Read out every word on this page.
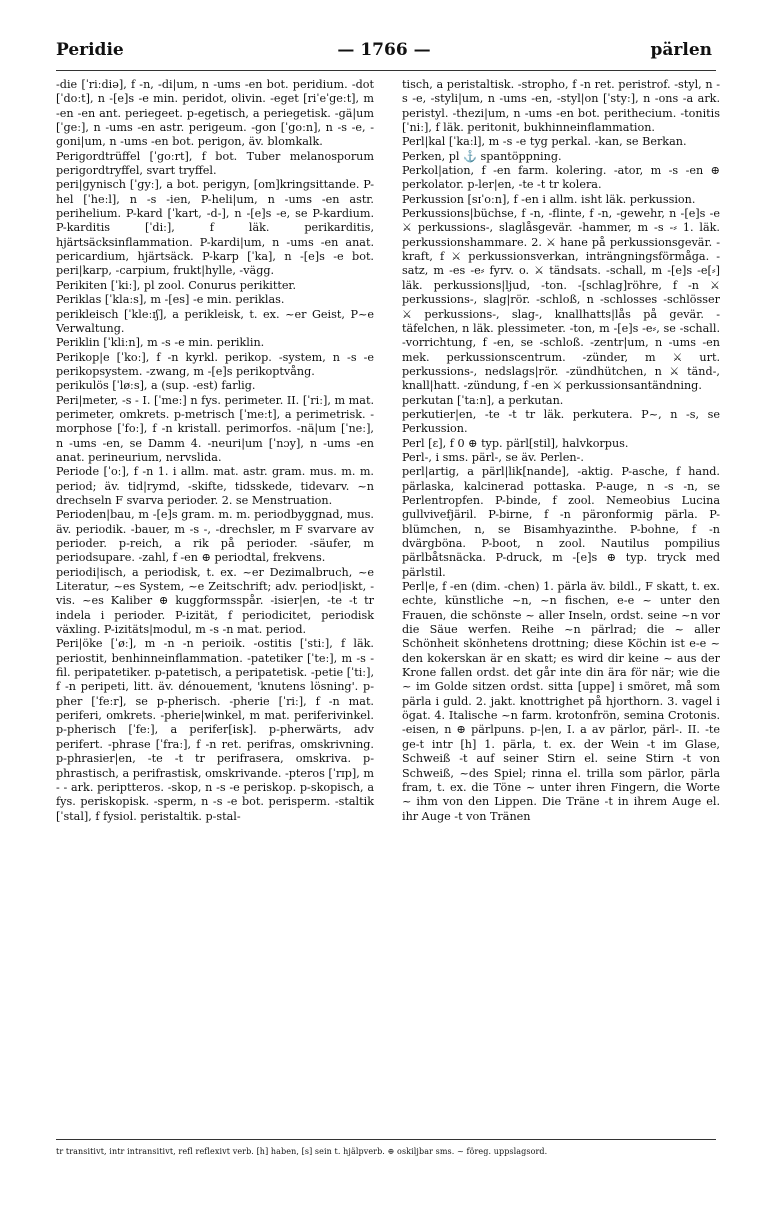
Peridie	— 1766 —	pärlen

-die [ˈriːdiə], f -n, -di|um, n -ums -en bot. peridium. -dot [ˈdoːt], n -[e]s -e min. peridot, olivin. -eget [riˈeˈgeːt], m -en -en ant. periegeet. p-egetisch, a periegetisk. -gä|um [ˈgeː], n -ums -en astr. perigeum. -gon [ˈgoːn], n -s -e, -goni|um, n -ums -en bot. perigon, äv. blomkalk.

Perigordtrüffel [ˈgoːrt], f bot. Tuber melanosporum perigordtryffel, svart tryffel.

peri|gynisch [ˈgyː], a bot. perigyn, [om]kringsittande. P-hel [ˈheːl], n -s -ien, P-heli|um, n -ums -en astr. perihelium. P-kard [ˈkart, -d-], n -[e]s -e, se P-kardium. P-karditis [ˈdiː], f läk. perikarditis, hjärtsäcksinflammation. P-kardi|um, n -ums -en anat. pericardium, hjärtsäck. P-karp [ˈka], n -[e]s -e bot. peri|karp, -carpium, frukt|hylle, -vägg.

Perikiten [ˈkiː], pl zool. Conurus perikitter.

Periklas [ˈklaːs], m -[es] -e min. periklas.

perikleisch [ˈkleːɪʃ], a perikleisk, t. ex. ~er Geist, P~e Verwaltung.

Periklin [ˈkliːn], m -s -e min. periklin.

Perikop|e [ˈkoː], f -n kyrkl. perikop. -system, n -s -e perikopsystem. -zwang, m -[e]s perikoptvång.

perikulös [ˈløːs], a (sup. -est) farlig.

Peri|meter, -s - I. [ˈmeː] n fys. perimeter. II. [ˈriː], m mat. perimeter, omkrets. p-metrisch [ˈmeːt], a perimetrisk. -morphose [ˈfoː], f -n kristall. perimorfos. -nä|um [ˈneː], n -ums -en, se Damm 4. -neuri|um [ˈnɔy], n -ums -en anat. perineurium, nervslida.

Periode [ˈoː], f -n 1. i allm. mat. astr. gram. mus. m. m. period; äv. tid|rymd, -skifte, tidsskede, tidevarv. ~n drechseln F svarva perioder. 2. se Menstruation.

Perioden|bau, m -[e]s gram. m. m. periodbyggnad, mus. äv. periodik. -bauer, m -s -, -drechsler, m F svarvare av perioder. p-reich, a rik på perioder. -säufer, m periodsupare. -zahl, f -en ⊕ periodtal, frekvens.

periodi|isch, a periodisk, t. ex. ~er Dezimalbruch, ~e Literatur, ~es System, ~e Zeitschrift; adv. period|iskt, -vis. ~es Kaliber ⊕ kuggformsspår. -isier|en, -te -t tr indela i perioder. P-izität, f periodicitet, periodisk växling. P-izitäts|modul, m -s -n mat. period.

Peri|öke [ˈøː], m -n -n perioik. -ostitis [ˈstiː], f läk. periostit, benhinneinflammation. -patetiker [ˈteː], m -s - fil. peripatetiker. p-patetisch, a peripatetisk. -petie [ˈtiː], f -n peripeti, litt. äv. dénouement, 'knutens lösning'. p-pher [ˈfeːr], se p-pherisch. -pherie [ˈriː], f -n mat. periferi, omkrets. -pherie|winkel, m mat. periferivinkel. p-pherisch [ˈfeː], a perifer[isk]. p-pherwärts, adv perifert. -phrase [ˈfraː], f -n ret. perifras, omskrivning. p-phrasier|en, -te -t tr perifrasera, omskriva. p-phrastisch, a perifrastisk, omskrivande. -pteros [ˈrɪp], m - - ark. periptteros. -skop, n -s -e periskop. p-skopisch, a fys. periskopisk. -sperm, n -s -e bot. perisperm. -staltik [ˈstal], f fysiol. peristaltik. p-stal-

tisch, a peristaltisk. -stropho, f -n ret. peristrof. -styl, n -s -e, -styli|um, n -ums -en, -styl|on [ˈstyː], n -ons -a ark. peristyl. -thezi|um, n -ums -en bot. perithecium. -tonitis [ˈniː], f läk. peritonit, bukhinneinflammation.

Perl|kal [ˈkaːl], m -s -e tyg perkal. -kan, se Berkan.

Perken, pl ⚓ spantöppning.

Perkol|ation, f -en farm. kolering. -ator, m -s -en ⊕ perkolator. p-ler|en, -te -t tr kolera.

Perkussion [sɪˈoːn], f -en i allm. isht läk. perkussion.

Perkussions|büchse, f -n, -flinte, f -n, -gewehr, n -[e]s -e ⚔ perkussions-, slaglåsgevär. -hammer, m -s -⸗ 1. läk. perkussionshammare. 2. ⚔ hane på perkussionsgevär. -kraft, f ⚔ perkussionsverkan, inträngningsförmåga. -satz, m -es -e⸗ fyrv. o. ⚔ tändsats. -schall, m -[e]s -e[⸗] läk. perkussions|ljud, -ton. -[schlag]röhre, f -n ⚔ perkussions-, slag|rör. -schloß, n -schlosses -schlösser ⚔ perkussions-, slag-, knallhatts|lås på gevär. -täfelchen, n läk. plessimeter. -ton, m -[e]s -e⸗, se -schall. -vorrichtung, f -en, se -schloß. -zentr|um, n -ums -en mek. perkussionscentrum. -zünder, m ⚔ urt. perkussions-, nedslags|rör. -zündhütchen, n ⚔ tänd-, knall|hatt. -zündung, f -en ⚔ perkussionsantändning.

perkutan [ˈtaːn], a perkutan.

perkutier|en, -te -t tr läk. perkutera. P~, n -s, se Perkussion.

Perl [ɛ], f 0 ⊕ typ. pärl[stil], halvkorpus.

Perl-, i sms. pärl-, se äv. Perlen-.

perl|artig, a pärl|lik[nande], -aktig. P-asche, f hand. pärlaska, kalcinerad pottaska. P-auge, n -s -n, se Perlentropfen. P-binde, f zool. Nemeobius Lucina gullvivefjäril. P-birne, f -n päronformig pärla. P-blümchen, n, se Bisamhyazinthe. P-bohne, f -n dvärgböna. P-boot, n zool. Nautilus pompilius pärlbåtsnäcka. P-druck, m -[e]s ⊕ typ. tryck med pärlstil.

Perl|e, f -en (dim. -chen) 1. pärla äv. bildl., F skatt, t. ex. echte, künstliche ~n, ~n fischen, e-e ~ unter den Frauen, die schönste ~ aller Inseln, ordst. seine ~n vor die Säue werfen. Reihe ~n pärlrad; die ~ aller Schönheit skönhetens drottning; diese Köchin ist e-e ~ den kokerskan är en skatt; es wird dir keine ~ aus der Krone fallen ordst. det går inte din ära för när; wie die ~ im Golde sitzen ordst. sitta [uppe] i smöret, må som pärla i guld. 2. jakt. knottrighet på hjorthorn. 3. vagel i ögat. 4. Italische ~n farm. krotonfrön, semina Crotonis. -eisen, n ⊕ pärlpuns. p-|en, I. a av pärlor, pärl-. II. -te ge-t intr [h] 1. pärla, t. ex. der Wein -t im Glase, Schweiß -t auf seiner Stirn el. seine Stirn -t von Schweiß, ~des Spiel; rinna el. trilla som pärlor, pärla fram, t. ex. die Töne ~ unter ihren Fingern, die Worte ~ ihm von den Lippen. Die Träne -t in ihrem Auge el. ihr Auge -t von Tränen

tr transitivt, intr intransitivt, refl reflexivt verb. [h] haben, [s] sein t. hjälpverb. ⊕ oskiljbar sms. ~ föreg. uppslagsord.
